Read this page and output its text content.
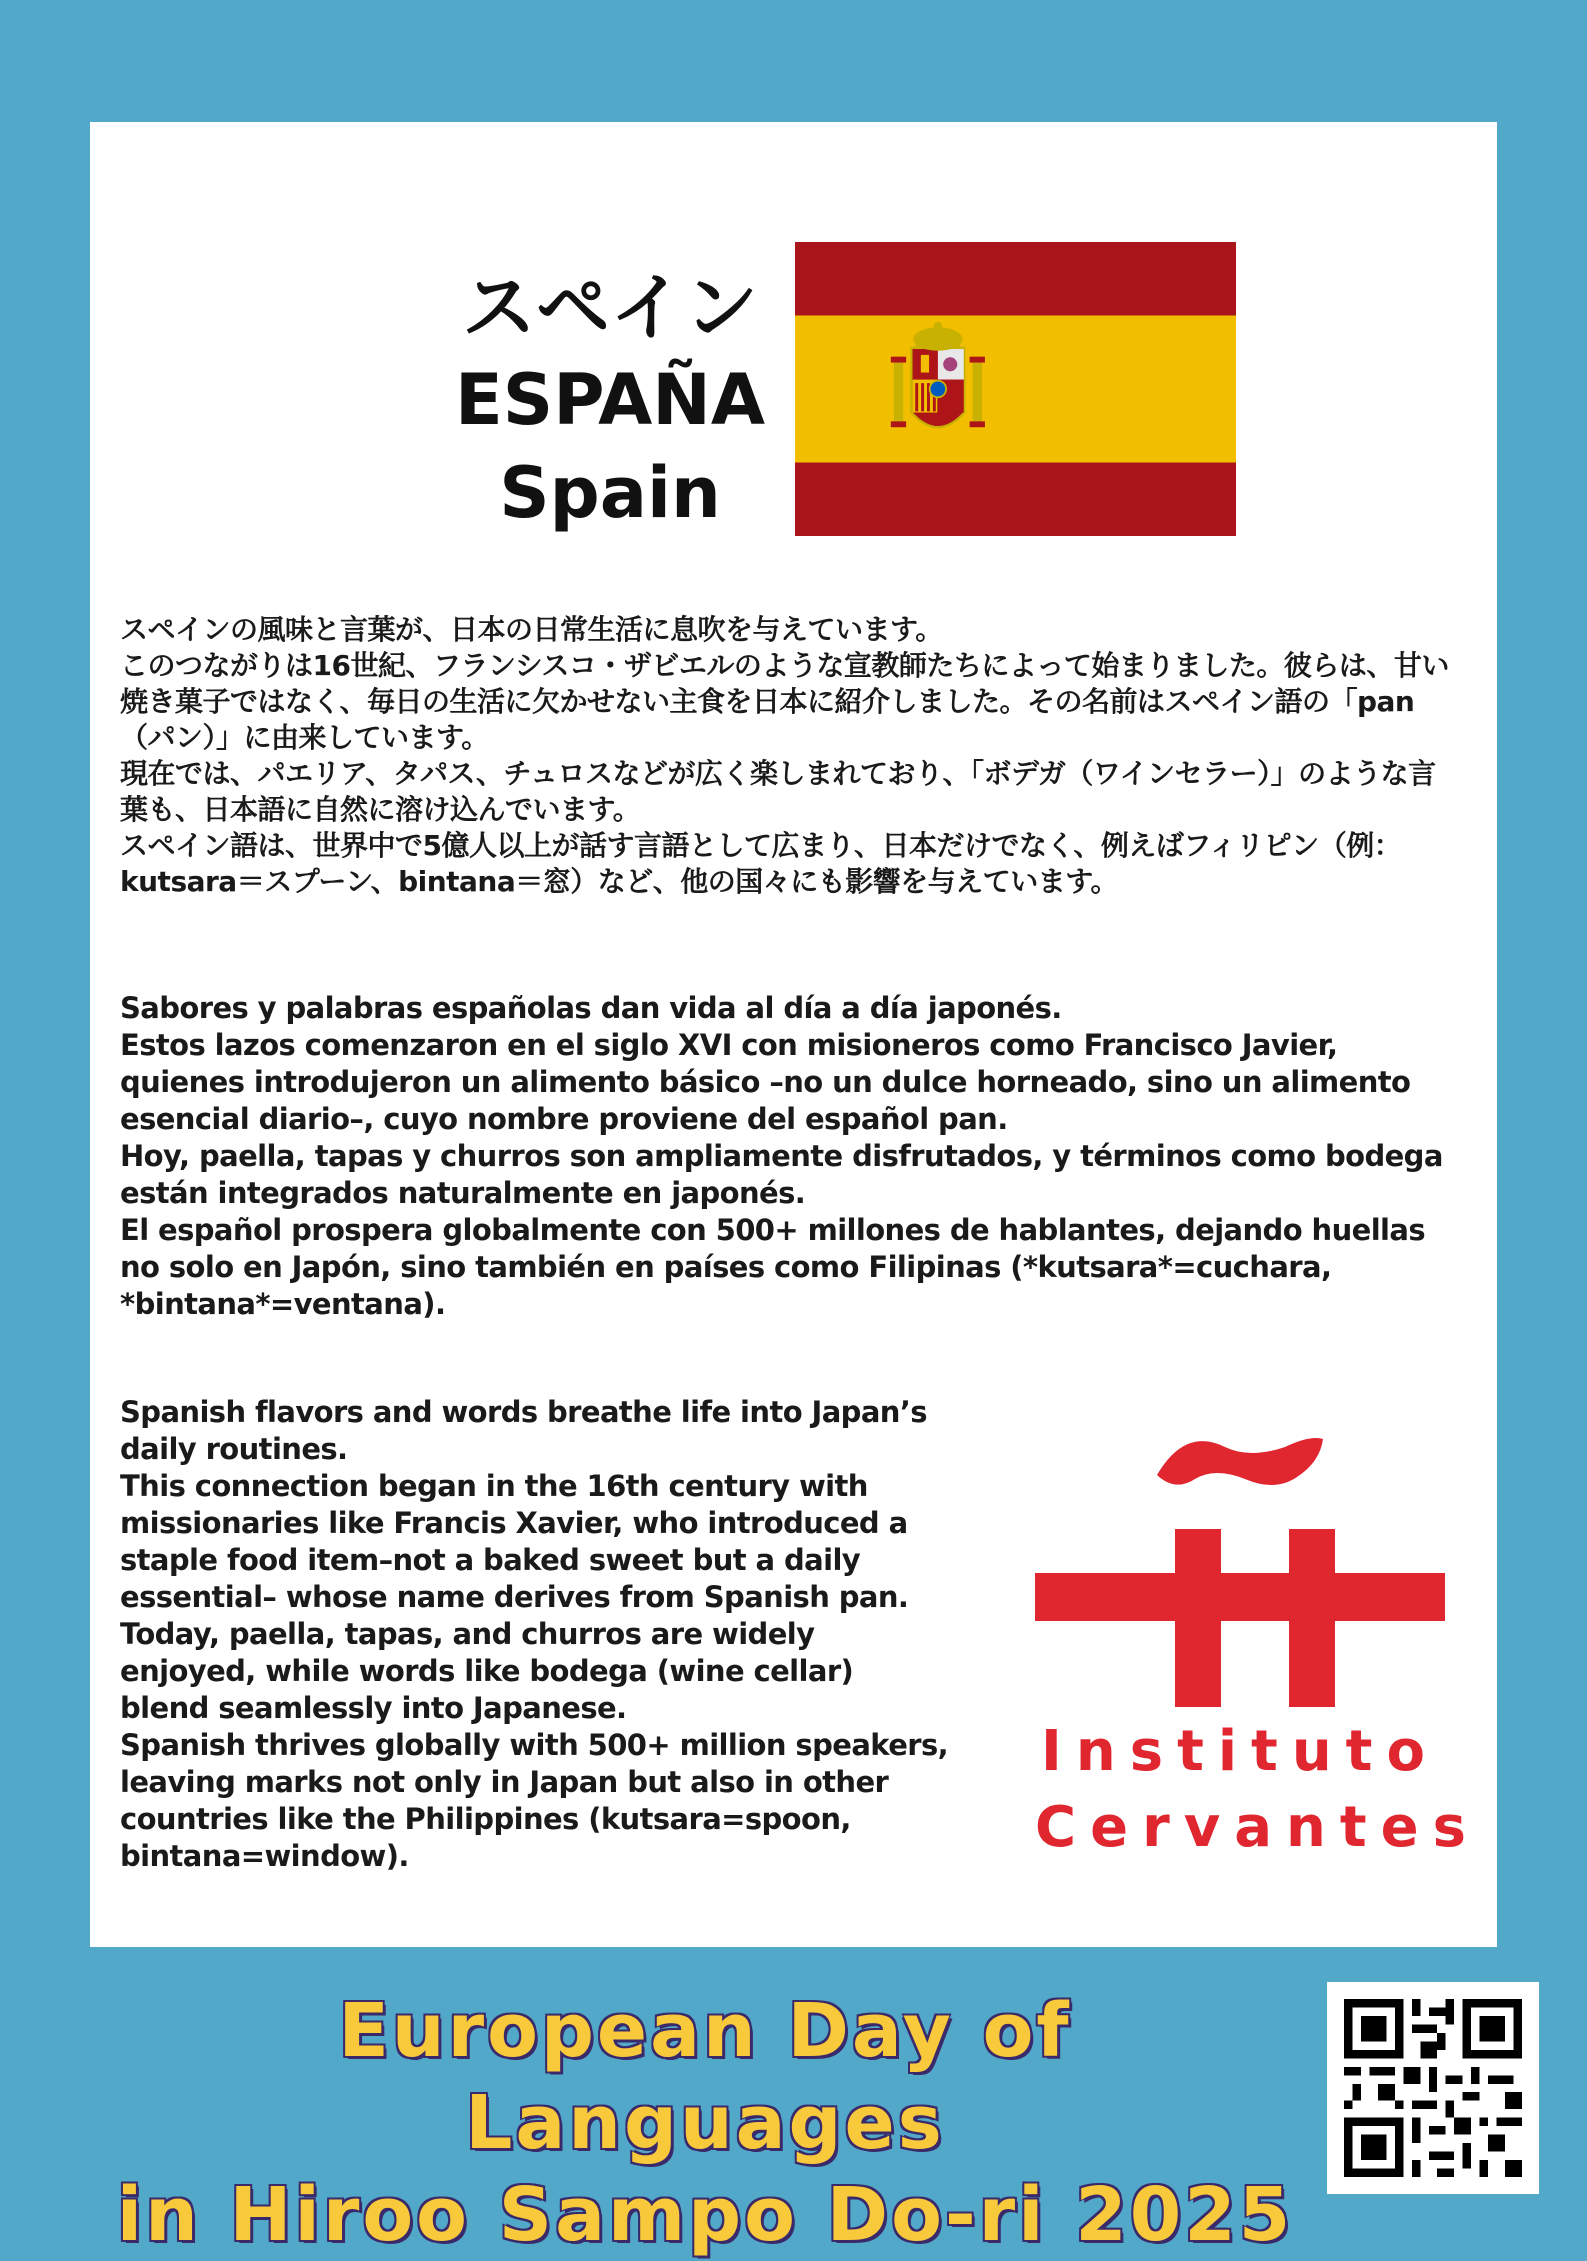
スペイン
ESPAÑA
Spain

スペインの風味と言葉が、日本の日常生活に息吹を与えています。

このつながりは16世紀、フランシスコ・ザビエルのような宣教師たちによって始まりました。彼らは、甘い焼き菓子ではなく、毎日の生活に欠かせない主食を日本に紹介しました。その名前はスペイン語の「pan（パン）」に由来しています。

現在では、パエリア、タパス、チュロスなどが広く楽しまれており、「ボデガ（ワインセラー）」のような言葉も、日本語に自然に溶け込んでいます。

スペイン語は、世界中で5億人以上が話す言語として広まり、日本だけでなく、例えばフィリピン（例：kutsara＝スプーン、bintana＝窓）など、他の国々にも影響を与えています。

Sabores y palabras españolas dan vida al día a día japonés.

Estos lazos comenzaron en el siglo XVI con misioneros como Francisco Javier, quienes introdujeron un alimento básico –no un dulce horneado, sino un alimento esencial diario–, cuyo nombre proviene del español pan.

Hoy, paella, tapas y churros son ampliamente disfrutados, y términos como bodega están integrados naturalmente en japonés.

El español prospera globalmente con 500+ millones de hablantes, dejando huellas no solo en Japón, sino también en países como Filipinas (*kutsara*=cuchara, *bintana*=ventana).

Spanish flavors and words breathe life into Japan’s daily routines.

This connection began in the 16th century with missionaries like Francis Xavier, who introduced a staple food item–not a baked sweet but a daily essential– whose name derives from Spanish pan.

Today, paella, tapas, and churros are widely enjoyed, while words like bodega (wine cellar) blend seamlessly into Japanese.

Spanish thrives globally with 500+ million speakers, leaving marks not only in Japan but also in other countries like the Philippines (kutsara=spoon, bintana=window).

Instituto
Cervantes
European Day of Languages
in Hiroo Sampo Do-ri 2025
